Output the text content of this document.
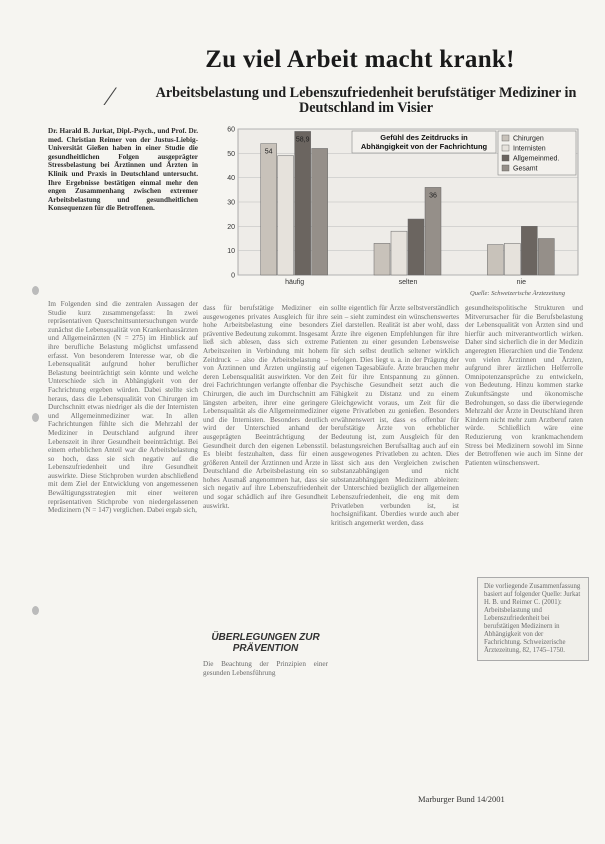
Zu viel Arbeit macht krank!
⁄	Arbeitsbelastung und Lebenszufriedenheit berufstätiger Mediziner in Deutschland im Visier
Dr. Harald B. Jurkat, Dipl.-Psych., und Prof. Dr. med. Christian Reimer von der Justus-Liebig-Universität Gießen haben in einer Studie die gesundheitlichen Folgen ausgeprägter Stressbelastung bei Ärztinnen und Ärzten in Klinik und Praxis in Deutschland untersucht. Ihre Ergebnisse bestätigen einmal mehr den engen Zusammenhang zwischen extremer Arbeitsbelastung und gesundheitlichen Konsequenzen für die Betroffenen.
Im Folgenden sind die zentralen Aussagen der Studie kurz zusammengefasst: In zwei repräsentativen Querschnittsuntersuchungen wurde zunächst die Lebensqualität von Krankenhausärzten und Allgemeinärzten (N = 275) im Hinblick auf ihre berufliche Belastung möglichst umfassend erfasst. Von besonderem Interesse war, ob die Lebensqualität aufgrund hoher beruflicher Belastung beeinträchtigt sein könnte und welche Unterschiede sich in Abhängigkeit von der Fachrichtung ergeben würden. Dabei stellte sich heraus, dass die Lebensqualität von Chirurgen im Durchschnitt etwas niedriger als die der Internisten und Allgemeinmediziner war. In allen Fachrichtungen fühlte sich die Mehrzahl der Mediziner in Deutschland aufgrund ihrer Lebenszeit in ihrer Gesundheit beeinträchtigt. Bei einem erheblichen Anteil war die Arbeitsbelastung so hoch, dass sie sich negativ auf die Lebenszufriedenheit und ihre Gesundheit auswirkte. Diese Stichproben wurden abschließend mit dem Ziel der Entwicklung von angemessenen Bewältigungsstrategien mit einer weiteren repräsentativen Stichprobe von niedergelassenen Medizinern (N = 147) verglichen. Dabei ergab sich,
dass für berufstätige Mediziner ein ausgewogenes privates Ausgleich für ihre hohe Arbeitsbelastung eine besonders präventive Bedeutung zukommt. Insgesamt ließ sich ablesen, dass sich extreme Arbeitszeiten in Verbindung mit hohem Zeitdruck – also die Arbeitsbelastung – von Ärztinnen und Ärzten ungünstig auf deren Lebensqualität auswirkten. Vor den drei Fachrichtungen verlangte offenbar die Chirurgen, die auch im Durchschnitt am längsten arbeiten, ihrer eine geringere Lebensqualität als die Allgemeinmediziner und die Internisten. Besonders deutlich wird der Unterschied anhand der ausgeprägten Beeinträchtigung der Gesundheit durch den eigenen Lebensstil. Es bleibt festzuhalten, dass für einen größeren Anteil der Ärztinnen und Ärzte in Deutschland die Arbeitsbelastung ein so hohes Ausmaß angenommen hat, dass sie sich negativ auf ihre Lebenszufriedenheit und sogar schädlich auf ihre Gesundheit auswirkt.
ÜBERLEGUNGEN ZUR PRÄVENTION
Die Beachtung der Prinzipien einer gesunden Lebensführung
sollte eigentlich für Ärzte selbstverständlich sein – sieht zumindest ein wünschenswertes Ziel darstellen. Realität ist aber wohl, dass Ärzte ihre eigenen Empfehlungen für ihre Patienten zu einer gesunden Lebensweise für sich selbst deutlich seltener wirklich befolgen. Dies liegt u. a. in der Prägung der eigenen Tagesabläufe. Ärzte brauchen mehr Zeit für ihre Entspannung zu gönnen. Psychische Gesundheit setzt auch die Fähigkeit zu Distanz und zu einem Gleichgewicht voraus, um Zeit für die eigene Privatleben zu genießen. Besonders erwähnenswert ist, dass es offenbar für berufstätige Ärzte von erheblicher Bedeutung ist, zum Ausgleich für den belastungsreichen Berufsalltag auch auf ein ausgewogenes Privatleben zu achten. Dies lässt sich aus den Vergleichen zwischen substanzabhängigen und nicht substanzabhängigen Medizinern ableiten: der Unterschied bezüglich der allgemeinen Lebenszufriedenheit, die eng mit dem Privatleben verbunden ist, ist hochsignifikant. Überdies wurde auch aber kritisch angemerkt werden, dass
gesundheitspolitische Strukturen und Mitverursacher für die Berufsbelastung der Lebensqualität von Ärzten sind und hierfür auch mitverantwortlich wirken. Daher sind sicherlich die in der Medizin angeregten Hierarchien und die Tendenz von vielen Ärztinnen und Ärzten, aufgrund ihrer ärztlichen Helferrolle Omnipotenzansprüche zu entwickeln, von Bedeutung. Hinzu kommen starke Zukunftsängste und ökonomische Bedrohungen, so dass die überwiegende Mehrzahl der Ärzte in Deutschland ihren Kindern nicht mehr zum Arztberuf raten würde. Schließlich wäre eine Reduzierung von krankmachendem Stress bei Medizinern sowohl im Sinne der Betroffenen wie auch im Sinne der Patienten wünschenswert.
Quelle: Schweizerische Ärztezeitung
Die vorliegende Zusammenfassung basiert auf folgender Quelle: Jurkat H. B. und Reimer C. (2001): Arbeitsbelastung und Lebenszufriedenheit bei berufstätigen Medizinern in Abhängigkeit von der Fachrichtung. Schweizerische Ärztezeitung, 82, 1745–1750.
Marburger Bund 14/2001
0
10
20
30
40
50
60
54
58,9
häufig
36
selten	nie
Gefühl des Zeitdrucks in
Abhängigkeit von der Fachrichtung
Chirurgen
Internisten
Allgemeinmed.
Gesamt
